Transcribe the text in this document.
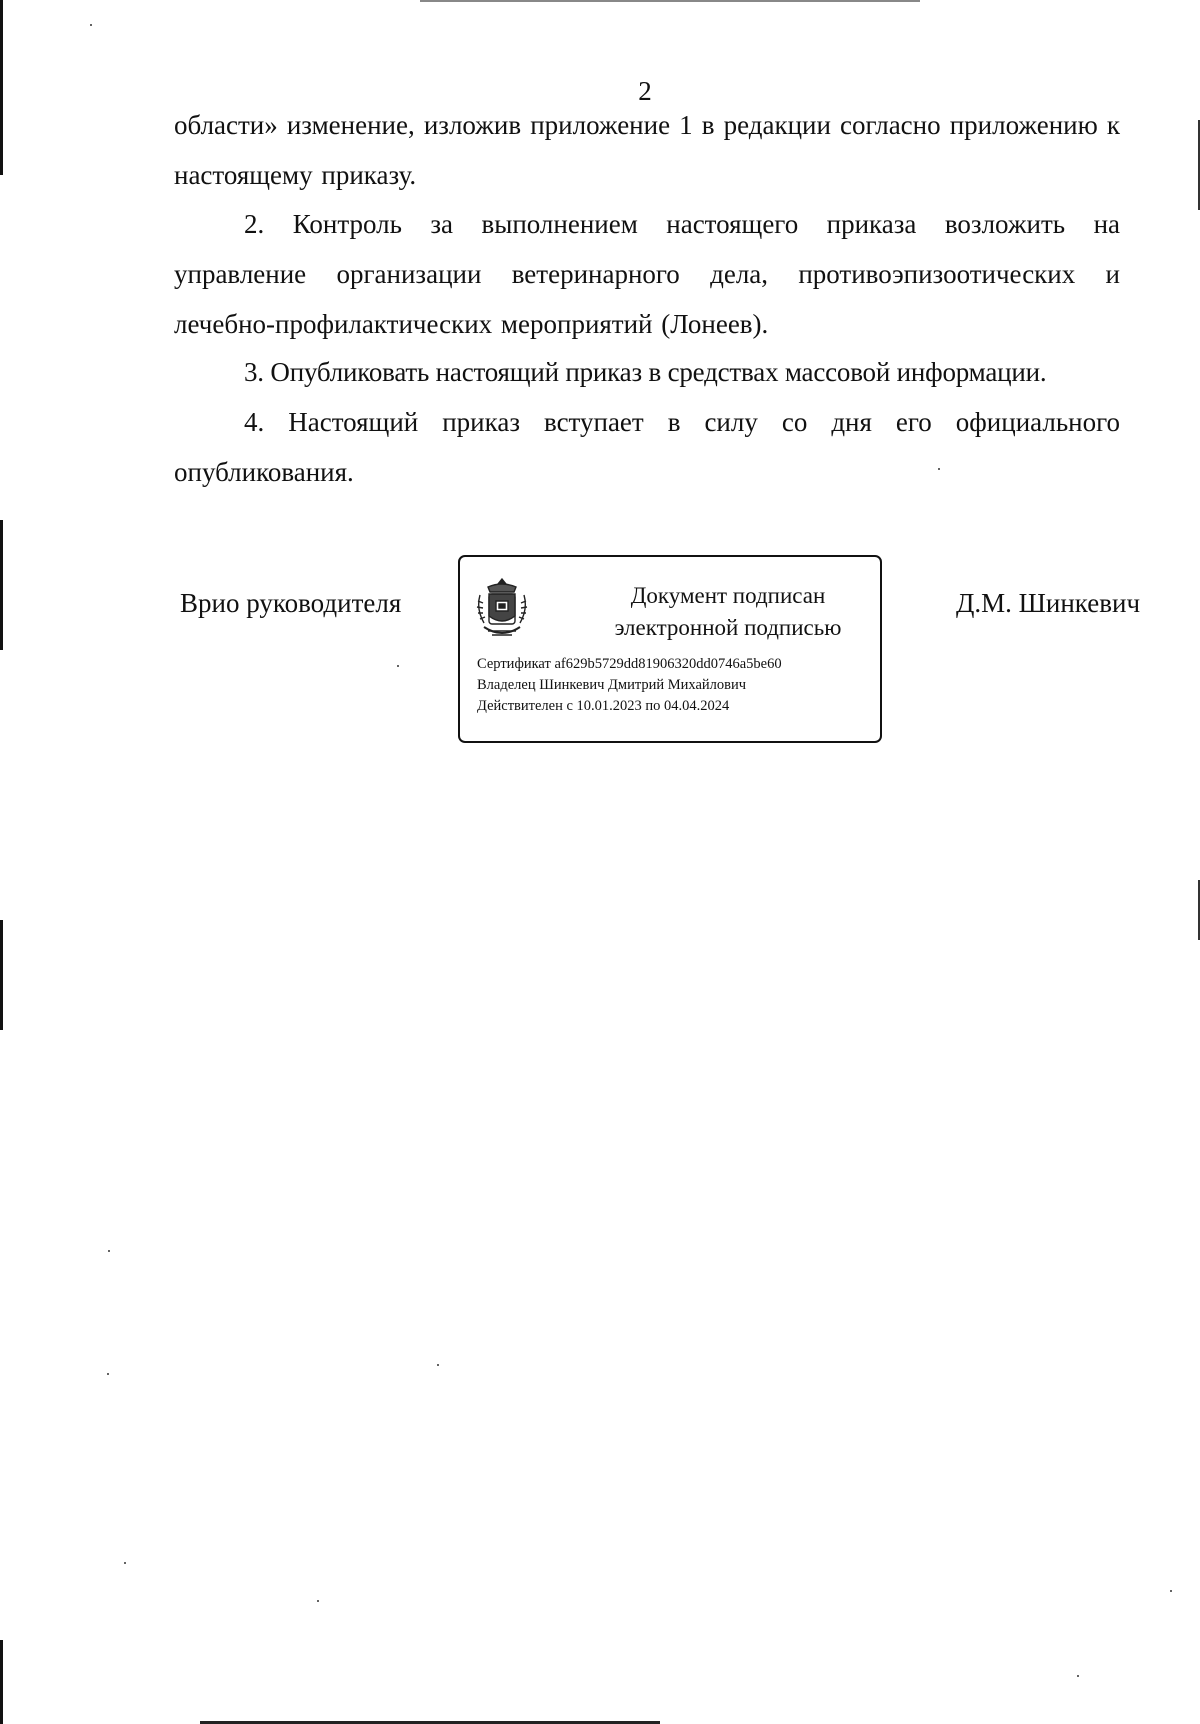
2

области» изменение, изложив приложение 1 в редакции согласно приложению к настоящему приказу.

2. Контроль за выполнением настоящего приказа возложить на управление организации ветеринарного дела, противоэпизоотических и лечебно-профилактических мероприятий (Лонеев).

3. Опубликовать настоящий приказ в средствах массовой информации.

4. Настоящий приказ вступает в силу со дня его официального опубликования.

Врио руководителя	Документ подписан
электронной подписью
Сертификат af629b5729dd81906320dd0746a5be60
Владелец Шинкевич Дмитрий Михайлович
Действителен с 10.01.2023 по 04.04.2024
Д.М. Шинкевич
